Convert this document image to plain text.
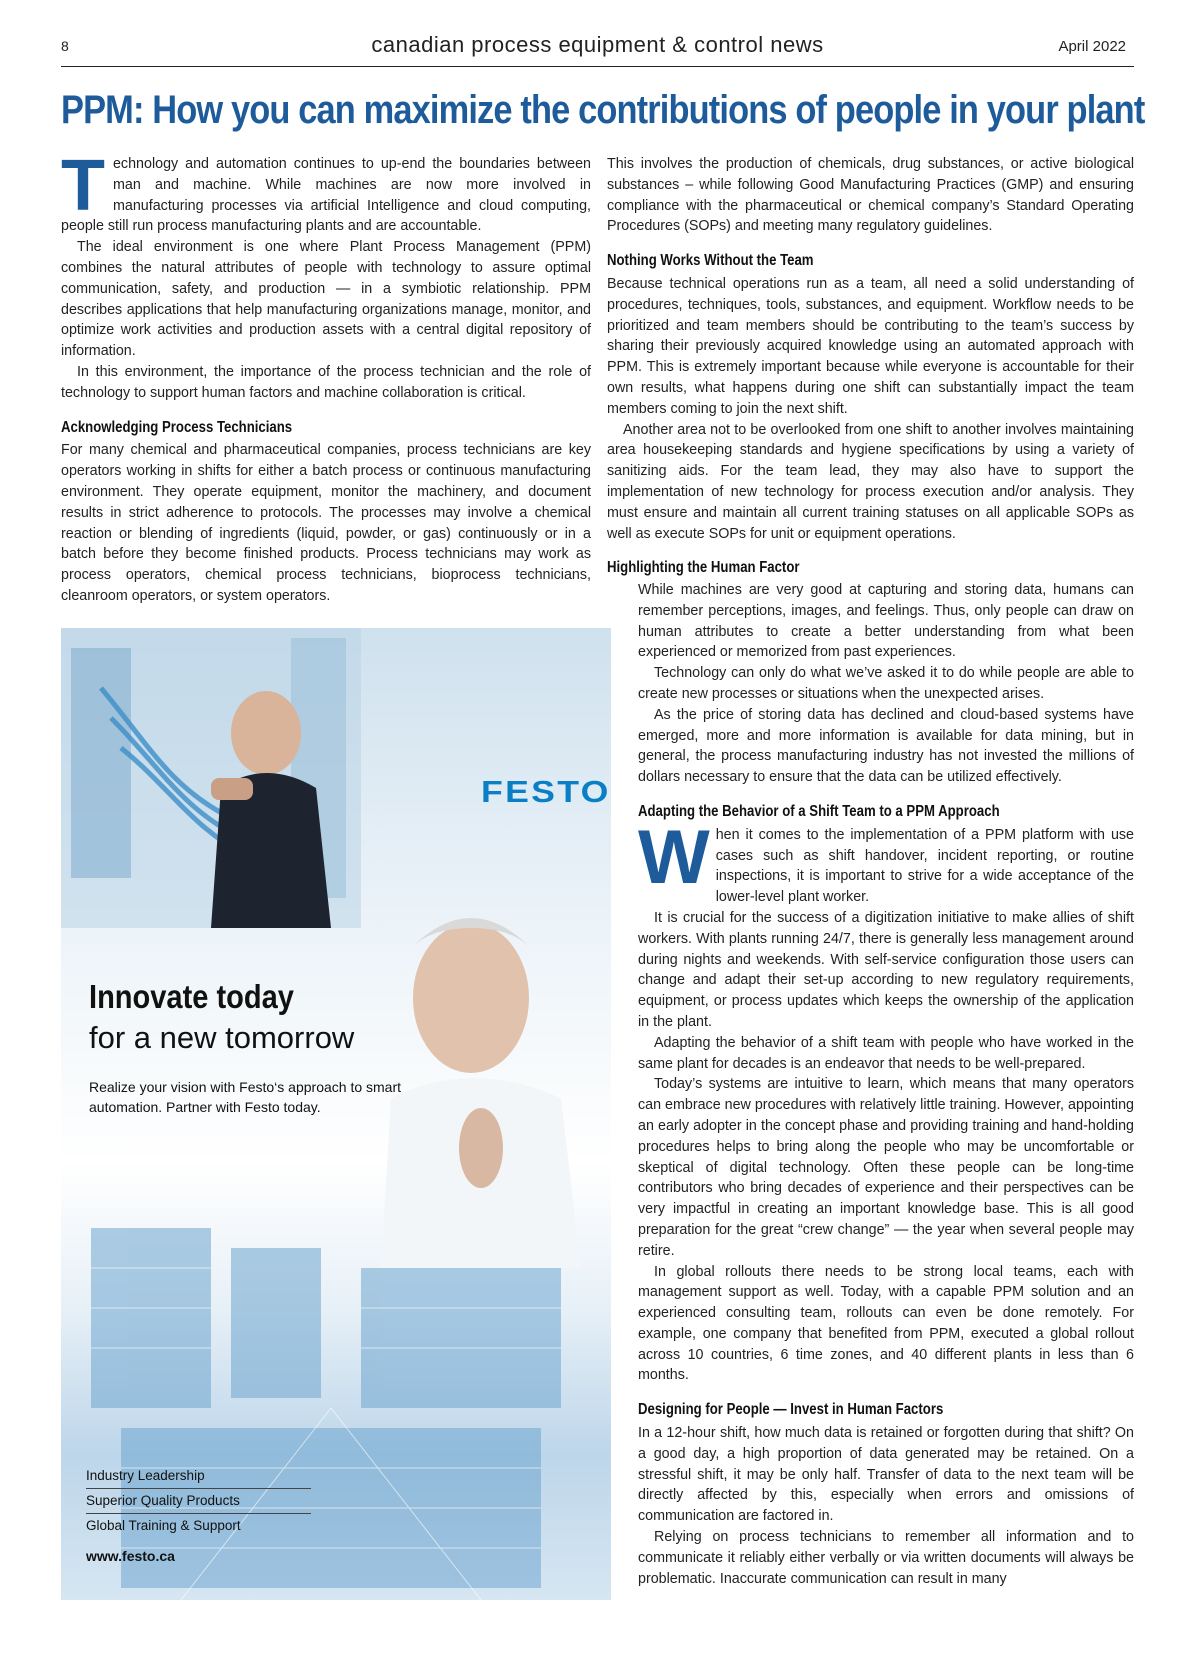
8	canadian process equipment & control news	April 2022
PPM: How you can maximize the contributions of people in your plant

Technology and automation continues to up-end the boundaries between man and machine. While machines are now more involved in manufacturing processes via artificial Intelligence and cloud computing, people still run process manufacturing plants and are accountable.

The ideal environment is one where Plant Process Management (PPM) combines the natural attributes of people with technology to assure optimal communication, safety, and production — in a symbiotic relationship. PPM describes applications that help manufacturing organizations manage, monitor, and optimize work activities and production assets with a central digital repository of information.

In this environment, the importance of the process technician and the role of technology to support human factors and machine collaboration is critical.

Acknowledging Process Technicians

For many chemical and pharmaceutical companies, process technicians are key operators working in shifts for either a batch process or continuous manufacturing environment. They operate equipment, monitor the machinery, and document results in strict adherence to protocols. The processes may involve a chemical reaction or blending of ingredients (liquid, powder, or gas) continuously or in a batch before they become finished products. Process technicians may work as process operators, chemical process technicians, bioprocess technicians, cleanroom operators, or system operators.

This involves the production of chemicals, drug substances, or active biological substances – while following Good Manufacturing Practices (GMP) and ensuring compliance with the pharmaceutical or chemical company’s Standard Operating Procedures (SOPs) and meeting many regulatory guidelines.

Nothing Works Without the Team

Because technical operations run as a team, all need a solid understanding of procedures, techniques, tools, substances, and equipment. Workflow needs to be prioritized and team members should be contributing to the team’s success by sharing their previously acquired knowledge using an automated approach with PPM. This is extremely important because while everyone is accountable for their own results, what happens during one shift can substantially impact the team members coming to join the next shift.

Another area not to be overlooked from one shift to another involves maintaining area housekeeping standards and hygiene specifications by using a variety of sanitizing aids. For the team lead, they may also have to support the implementation of new technology for process execution and/or analysis. They must ensure and maintain all current training statuses on all applicable SOPs as well as execute SOPs for unit or equipment operations.

Highlighting the Human Factor

While machines are very good at capturing and storing data, humans can remember perceptions, images, and feelings. Thus, only people can draw on human attributes to create a better understanding from what been experienced or memorized from past experiences.

Technology can only do what we’ve asked it to do while people are able to create new processes or situations when the unexpected arises.

As the price of storing data has declined and cloud-based systems have emerged, more and more information is available for data mining, but in general, the process manufacturing industry has not invested the millions of dollars necessary to ensure that the data can be utilized effectively.

Adapting the Behavior of a Shift Team to a PPM Approach

When it comes to the implementation of a PPM platform with use cases such as shift handover, incident reporting, or routine inspections, it is important to strive for a wide acceptance of the lower-level plant worker.

It is crucial for the success of a digitization initiative to make allies of shift workers. With plants running 24/7, there is generally less management around during nights and weekends. With self-service configuration those users can change and adapt their set-up according to new regulatory requirements, equipment, or process updates which keeps the ownership of the application in the plant.

Adapting the behavior of a shift team with people who have worked in the same plant for decades is an endeavor that needs to be well-prepared.

Today’s systems are intuitive to learn, which means that many operators can embrace new procedures with relatively little training. However, appointing an early adopter in the concept phase and providing training and hand-holding procedures helps to bring along the people who may be uncomfortable or skeptical of digital technology. Often these people can be long-time contributors who bring decades of experience and their perspectives can be very impactful in creating an important knowledge base. This is all good preparation for the great “crew change” — the year when several people may retire.

In global rollouts there needs to be strong local teams, each with management support as well. Today, with a capable PPM solution and an experienced consulting team, rollouts can even be done remotely. For example, one company that benefited from PPM, executed a global rollout across 10 countries, 6 time zones, and 40 different plants in less than 6 months.

Designing for People — Invest in Human Factors

In a 12-hour shift, how much data is retained or forgotten during that shift? On a good day, a high proportion of data generated may be retained. On a stressful shift, it may be only half. Transfer of data to the next team will be directly affected by this, especially when errors and omissions of communication are factored in.

Relying on process technicians to remember all information and to communicate it reliably either verbally or via written documents will always be problematic. Inaccurate communication can result in many

FESTO
Innovate today
for a new tomorrow
Realize your vision with Festo‘s approach to smart automation. Partner with Festo today.
Industry Leadership
Superior Quality Products
Global Training & Support
www.festo.ca
